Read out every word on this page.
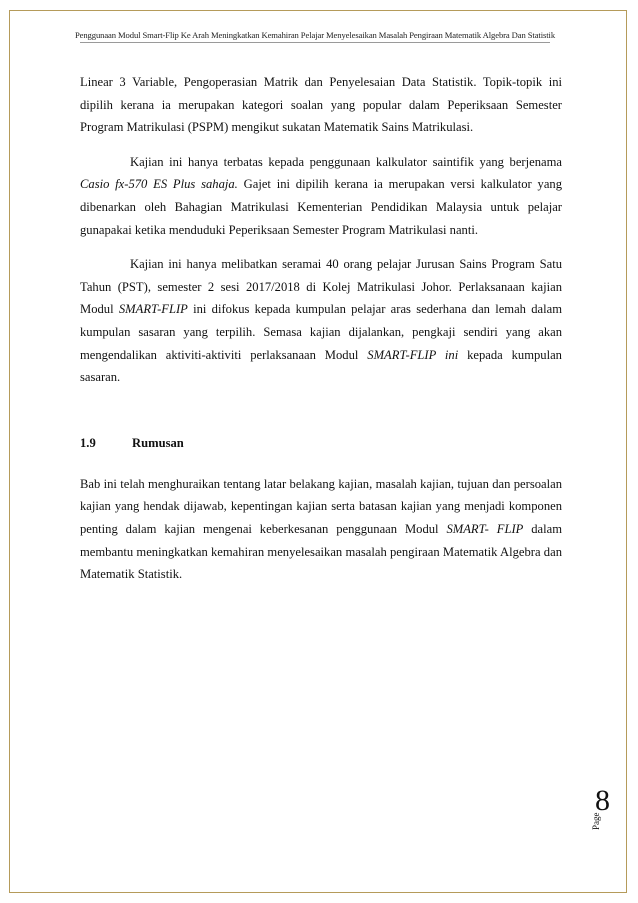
Penggunaan Modul Smart-Flip Ke Arah Meningkatkan Kemahiran Pelajar Menyelesaikan Masalah Pengiraan Matematik Algebra Dan Statistik

Linear 3 Variable, Pengoperasian Matrik dan Penyelesaian Data Statistik. Topik-topik ini dipilih kerana ia merupakan kategori soalan yang popular dalam Peperiksaan Semester Program Matrikulasi (PSPM) mengikut sukatan Matematik Sains Matrikulasi.

Kajian ini hanya terbatas kepada penggunaan kalkulator saintifik yang berjenama Casio fx-570 ES Plus sahaja. Gajet ini dipilih kerana ia merupakan versi kalkulator yang dibenarkan oleh Bahagian Matrikulasi Kementerian Pendidikan Malaysia untuk pelajar gunapakai ketika menduduki Peperiksaan Semester Program Matrikulasi nanti.

Kajian ini hanya melibatkan seramai 40 orang pelajar Jurusan Sains Program Satu Tahun (PST), semester 2 sesi 2017/2018 di Kolej Matrikulasi Johor. Perlaksanaan kajian Modul SMART-FLIP ini difokus kepada kumpulan pelajar aras sederhana dan lemah dalam kumpulan sasaran yang terpilih. Semasa kajian dijalankan, pengkaji sendiri yang akan mengendalikan aktiviti-aktiviti perlaksanaan Modul SMART-FLIP ini kepada kumpulan sasaran.

1.9	Rumusan

Bab ini telah menghuraikan tentang latar belakang kajian, masalah kajian, tujuan dan persoalan kajian yang hendak dijawab, kepentingan kajian serta batasan kajian yang menjadi komponen penting dalam kajian mengenai keberkesanan penggunaan Modul SMART- FLIP dalam membantu meningkatkan kemahiran menyelesaikan masalah pengiraan Matematik Algebra dan Matematik Statistik.

Page
8
